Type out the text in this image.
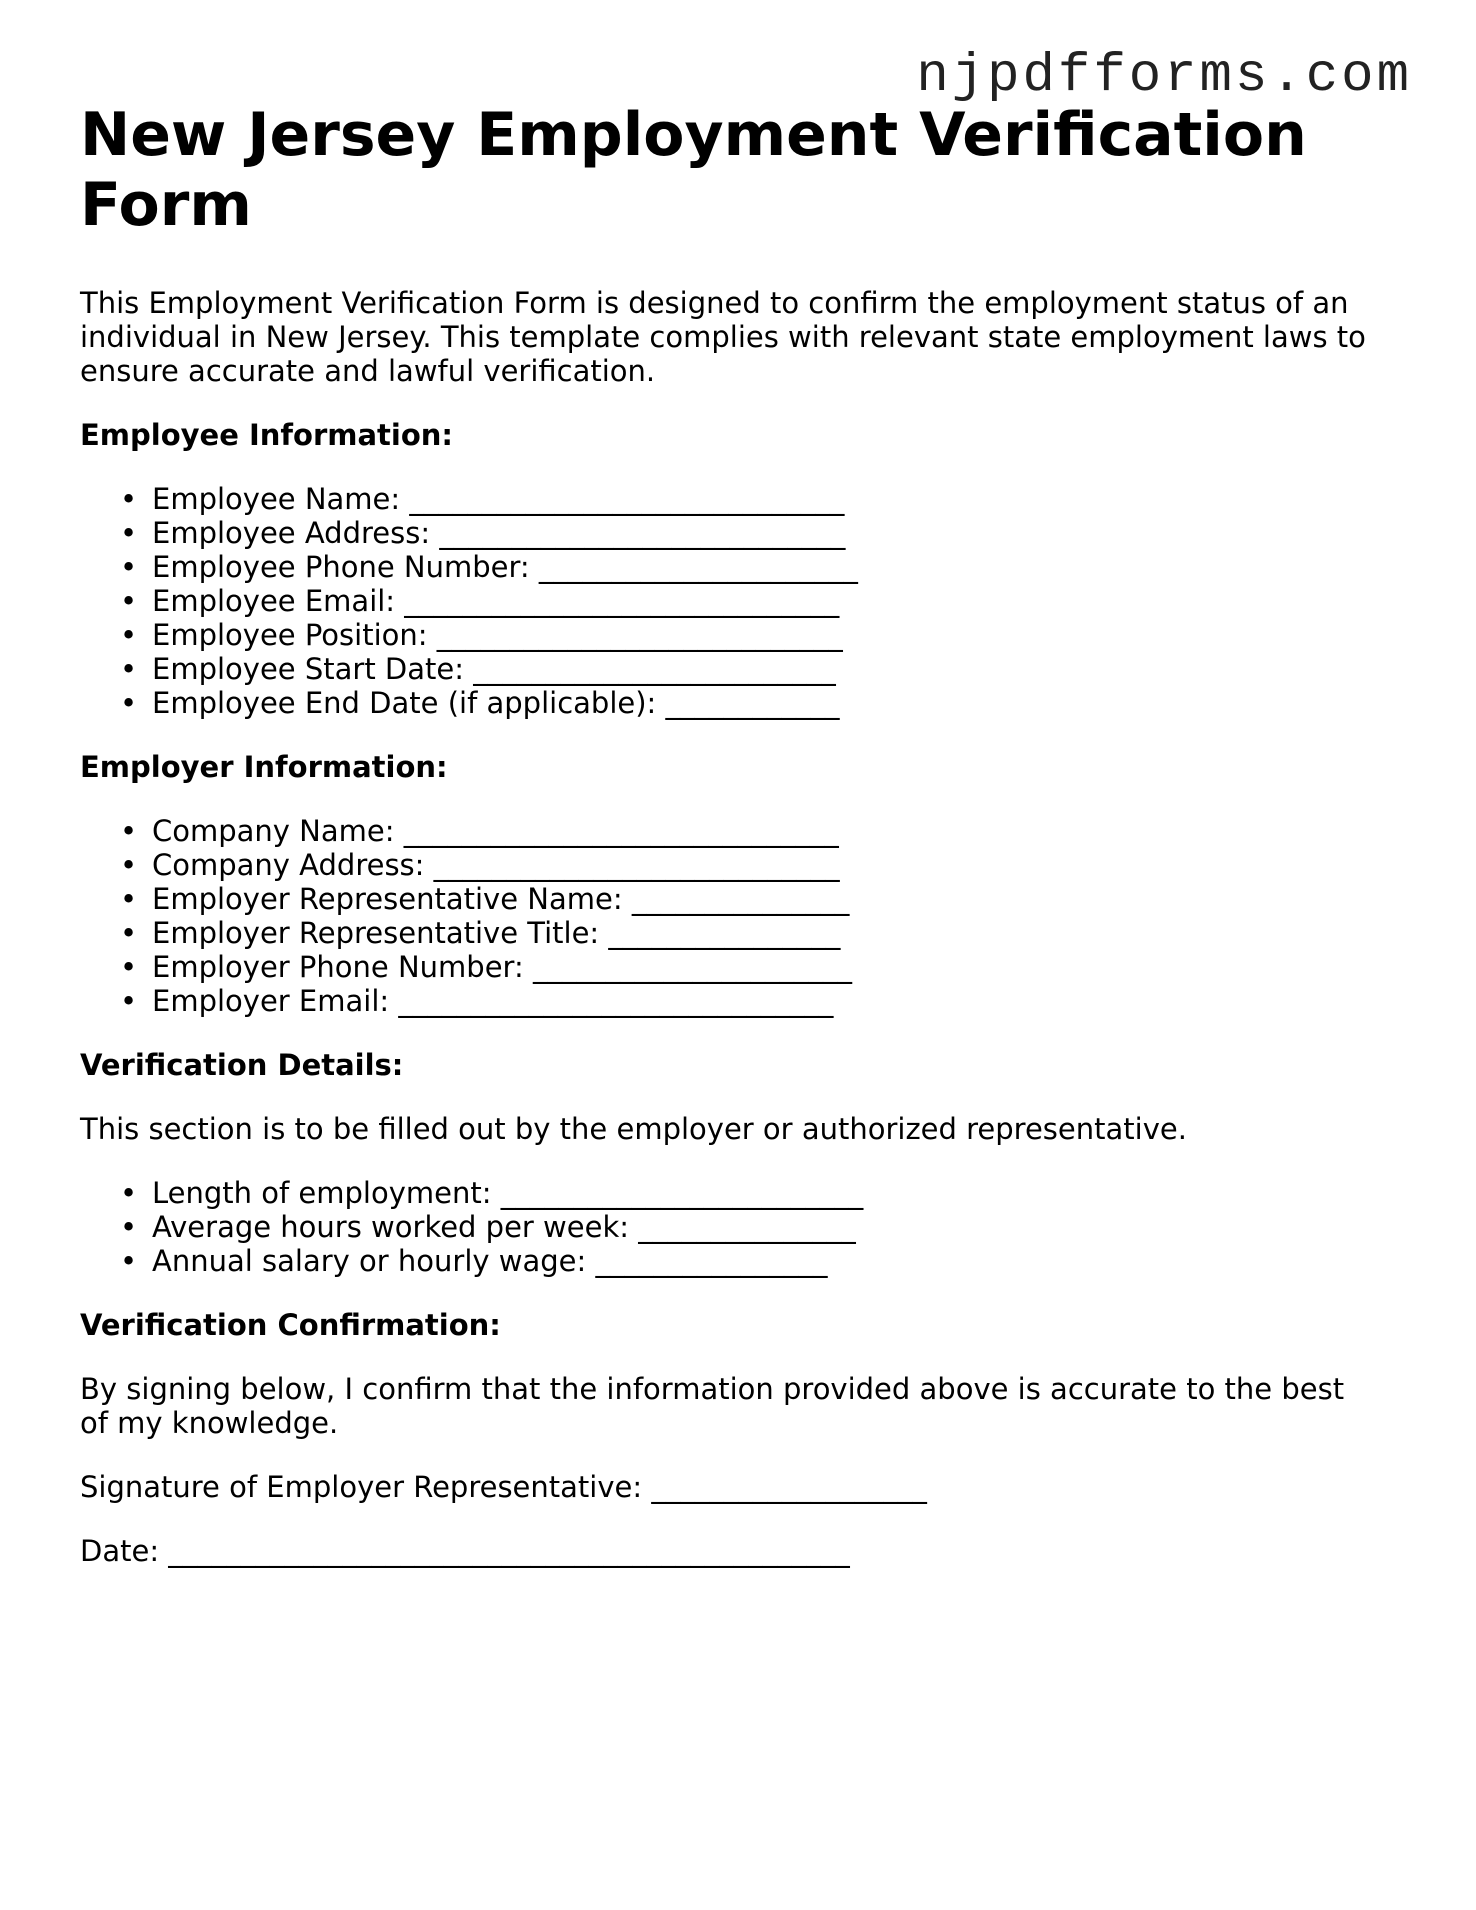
njpdfforms.com
New Jersey Employment Verification Form

This Employment Verification Form is designed to confirm the employment status of an individual in New Jersey. This template complies with relevant state employment laws to ensure accurate and lawful verification.

Employee Information:
• Employee Name: ______________________________
• Employee Address: ____________________________
• Employee Phone Number: ______________________
• Employee Email: ______________________________
• Employee Position: ____________________________
• Employee Start Date: _________________________
• Employee End Date (if applicable): ____________
Employer Information:
• Company Name: ______________________________
• Company Address: ____________________________
• Employer Representative Name: _______________
• Employer Representative Title: ________________
• Employer Phone Number: ______________________
• Employer Email: ______________________________
Verification Details:

This section is to be filled out by the employer or authorized representative.

• Length of employment: _________________________
• Average hours worked per week: _______________
• Annual salary or hourly wage: ________________
Verification Confirmation:

By signing below, I confirm that the information provided above is accurate to the best of my knowledge.

Signature of Employer Representative: ___________________
Date: _______________________________________________
